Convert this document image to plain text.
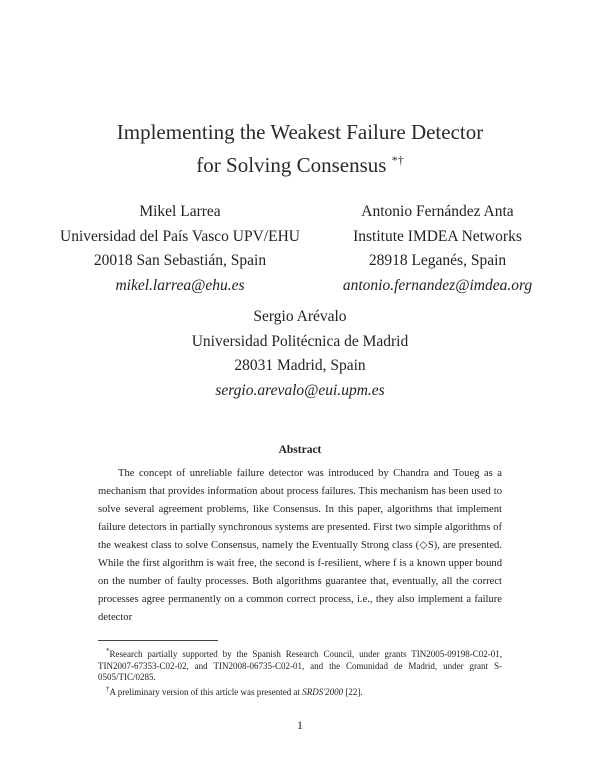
Implementing the Weakest Failure Detector
for Solving Consensus *†
Mikel Larrea
Universidad del País Vasco UPV/EHU
20018 San Sebastián, Spain
mikel.larrea@ehu.es
Antonio Fernández Anta
Institute IMDEA Networks
28918 Leganés, Spain
antonio.fernandez@imdea.org
Sergio Arévalo
Universidad Politécnica de Madrid
28031 Madrid, Spain
sergio.arevalo@eui.upm.es
Abstract

The concept of unreliable failure detector was introduced by Chandra and Toueg as a mechanism that provides information about process failures. This mechanism has been used to solve several agreement problems, like Consensus. In this paper, algorithms that implement failure detectors in partially synchronous systems are presented. First two simple algorithms of the weakest class to solve Consensus, namely the Eventually Strong class (◇S), are presented. While the first algorithm is wait free, the second is f-resilient, where f is a known upper bound on the number of faulty processes. Both algorithms guarantee that, eventually, all the correct processes agree permanently on a common correct process, i.e., they also implement a failure detector

*Research partially supported by the Spanish Research Council, under grants TIN2005-09198-C02-01, TIN2007-67353-C02-02, and TIN2008-06735-C02-01, and the Comunidad de Madrid, under grant S-0505/TIC/0285.

†A preliminary version of this article was presented at SRDS'2000 [22].

1
